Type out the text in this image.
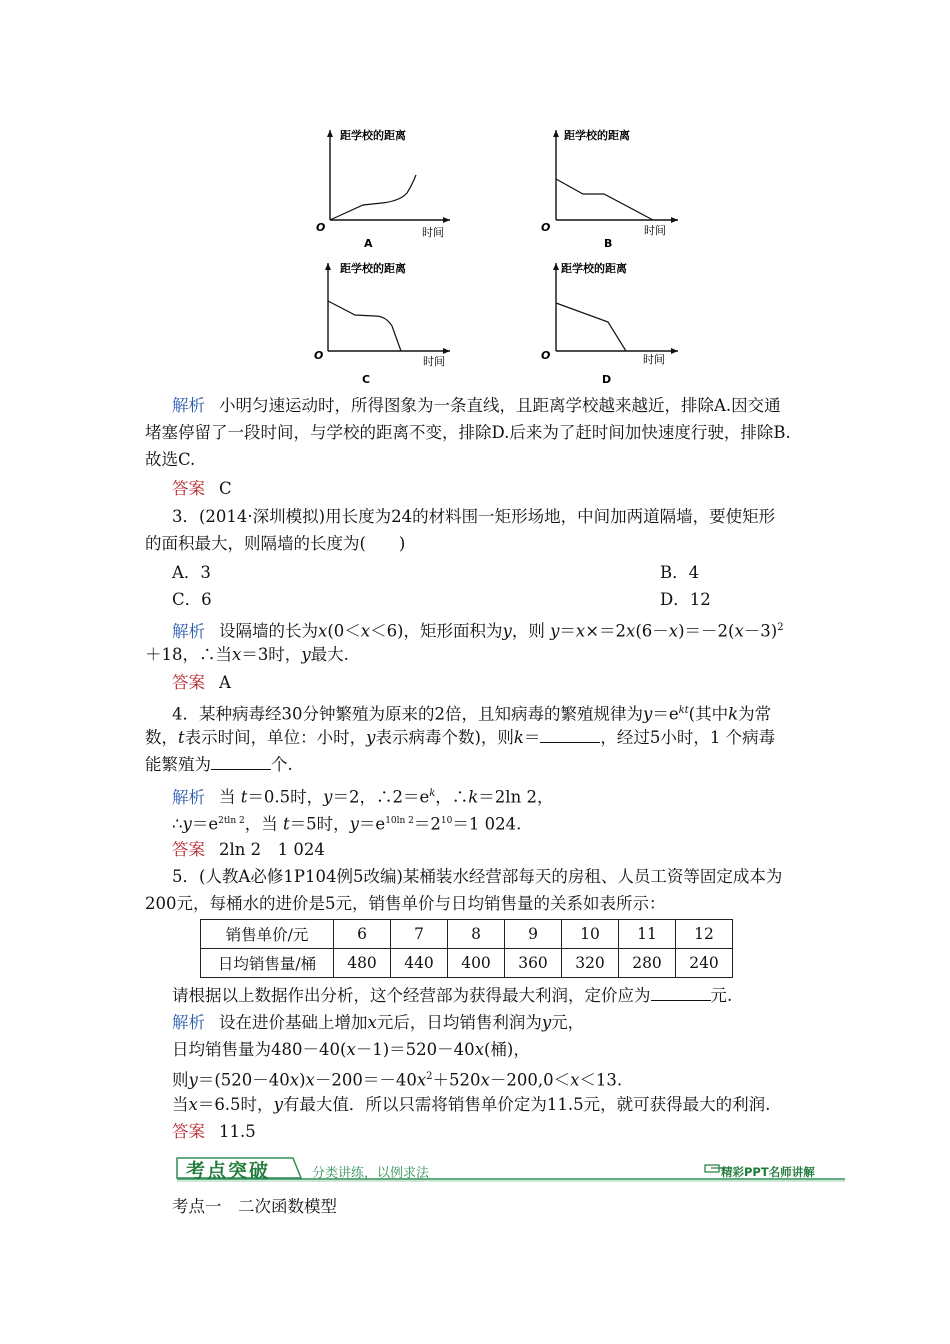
距学校的距离
O	时间
A
距学校的距离
O	时间
B
距学校的距离
O	时间
C
距学校的距离
O	时间
D
解析 小明匀速运动时，所得图象为一条直线，且距离学校越来越近，排除A.因交通
堵塞停留了一段时间，与学校的距离不变，排除D.后来为了赶时间加快速度行驶，排除B.
故选C.
答案 C
3．(2014·深圳模拟)用长度为24的材料围一矩形场地，中间加两道隔墙，要使矩形
的面积最大，则隔墙的长度为(　　)
A．3	B．4
C．6	D．12
解析 设隔墙的长为x(0＜x＜6)，矩形面积为y，则 $y=x\times=2x(6-x)=-2(x-3)^2$
＋18，∴当x＝3时，y最大.
答案 A
4．某种病毒经30分钟繁殖为原来的2倍，且知病毒的繁殖规律为$y=e^{kt}$(其中k为常
数，t表示时间，单位：小时，y表示病毒个数)，则k＝	，经过5小时，1 个病毒
能繁殖为	个.
解析 当 t＝0.5时，y＝2，$\therefore 2=e^k$，∴k＝2ln 2，
$\therefore y=e^{2tln 2}$，当 t＝5时，$y=e^{10ln 2}=2^{10}=1$ 024.
答案 2ln 2　1 024
5．(人教A必修1P104例5改编)某桶装水经营部每天的房租、人员工资等固定成本为
200元，每桶水的进价是5元，销售单价与日均销售量的关系如表所示：
销售单价/元	6	7	8	9	10	11	12
日均销售量/桶	480	440	400	360	320	280	240
请根据以上数据作出分析，这个经营部为获得最大利润，定价应为	元.
解析 设在进价基础上增加x元后，日均销售利润为y元，
日均销售量为480－40(x－1)＝520－40x(桶)，
则$y=(520-40x)x-200=-40x^2+520x-200,0<x<13$.
当x＝6.5时，y有最大值．所以只需将销售单价定为11.5元，就可获得最大的利润.
答案 11.5
考点突破	分类讲练，以例求法	精彩PPT名师讲解
考点一　二次函数模型
